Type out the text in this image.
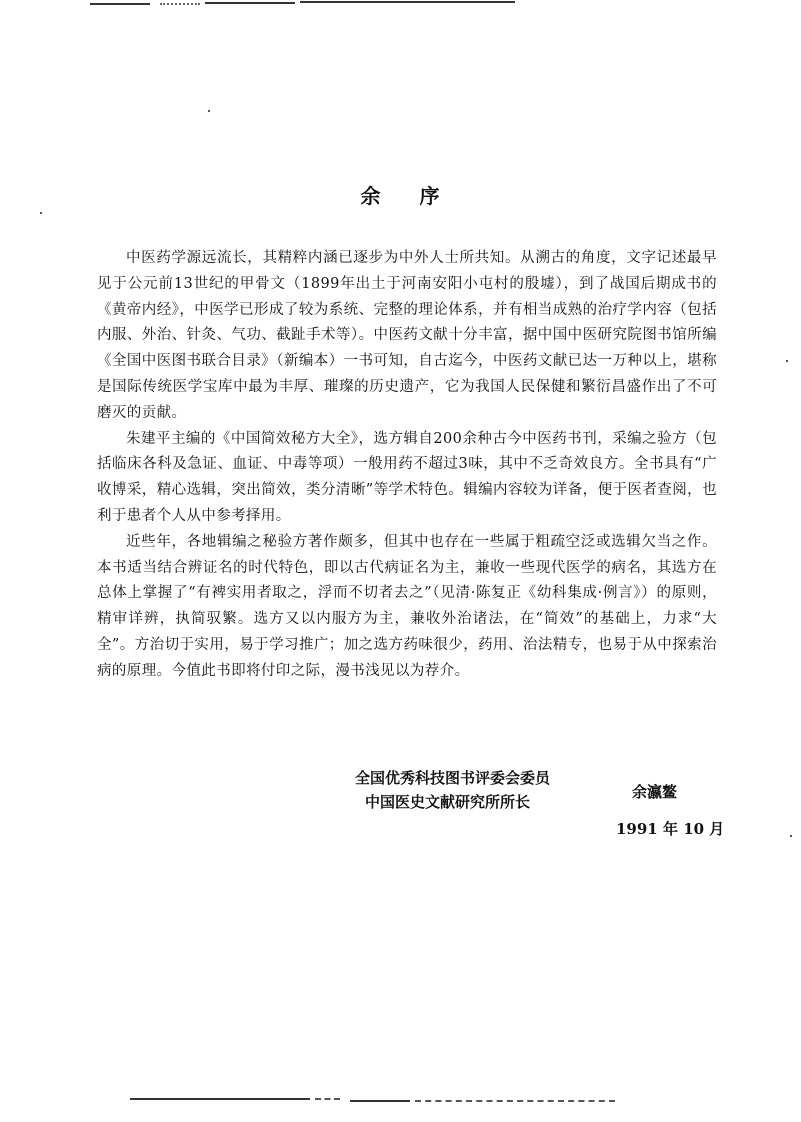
余 序

中医药学源远流长，其精粹内涵已逐步为中外人士所共知。从溯古的角度，文字记述最早见于公元前13世纪的甲骨文（1899年出土于河南安阳小屯村的殷墟），到了战国后期成书的《黄帝内经》，中医学已形成了较为系统、完整的理论体系，并有相当成熟的治疗学内容（包括内服、外治、针灸、气功、截趾手术等）。中医药文献十分丰富，据中国中医研究院图书馆所编《全国中医图书联合目录》（新编本）一书可知，自古迄今，中医药文献已达一万种以上，堪称是国际传统医学宝库中最为丰厚、璀璨的历史遗产，它为我国人民保健和繁衍昌盛作出了不可磨灭的贡献。

朱建平主编的《中国简效秘方大全》，选方辑自200余种古今中医药书刊，采编之验方（包括临床各科及急证、血证、中毒等项）一般用药不超过3味，其中不乏奇效良方。全书具有“广收博采，精心选辑，突出简效，类分清晰”等学术特色。辑编内容较为详备，便于医者查阅，也利于患者个人从中参考择用。

近些年，各地辑编之秘验方著作颇多，但其中也存在一些属于粗疏空泛或选辑欠当之作。本书适当结合辨证名的时代特色，即以古代病证名为主，兼收一些现代医学的病名，其选方在总体上掌握了“有裨实用者取之，浮而不切者去之”（见清·陈复正《幼科集成·例言》）的原则，精审详辨，执简驭繁。选方又以内服方为主，兼收外治诸法，在“简效”的基础上，力求“大全”。方治切于实用，易于学习推广；加之选方药味很少，药用、治法精专，也易于从中探索治病的原理。今值此书即将付印之际，漫书浅见以为荐介。

全国优秀科技图书评委会委员
中国医史文献研究所所长
余瀛鳌
1991 年 10 月
